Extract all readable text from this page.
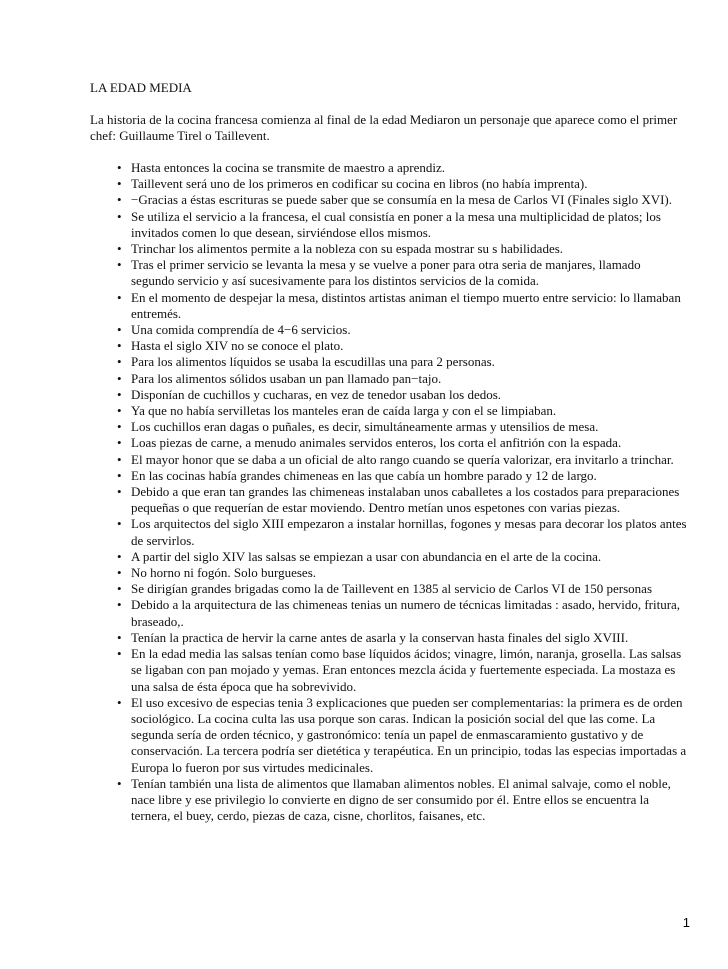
LA EDAD MEDIA

La historia de la cocina francesa comienza al final de la edad Mediaron un personaje que aparece como el primer chef: Guillaume Tirel o Taillevent.

• Hasta entonces la cocina se transmite de maestro a aprendiz.
• Taillevent será uno de los primeros en codificar su cocina en libros (no había imprenta).
• −Gracias a éstas escrituras se puede saber que se consumía en la mesa de Carlos VI (Finales siglo XVI).
• Se utiliza el servicio a la francesa, el cual consistía en poner a la mesa una multiplicidad de platos; los invitados comen lo que desean, sirviéndose ellos mismos.
• Trinchar los alimentos permite a la nobleza con su espada mostrar su s habilidades.
• Tras el primer servicio se levanta la mesa y se vuelve a poner para otra seria de manjares, llamado segundo servicio y así sucesivamente para los distintos servicios de la comida.
• En el momento de despejar la mesa, distintos artistas animan el tiempo muerto entre servicio: lo llamaban entremés.
• Una comida comprendía de 4−6 servicios.
• Hasta el siglo XIV no se conoce el plato.
• Para los alimentos líquidos se usaba la escudillas una para 2 personas.
• Para los alimentos sólidos usaban un pan llamado pan−tajo.
• Disponían de cuchillos y cucharas, en vez de tenedor usaban los dedos.
• Ya que no había servilletas los manteles eran de caída larga y con el se limpiaban.
• Los cuchillos eran dagas o puñales, es decir, simultáneamente armas y utensilios de mesa.
• Loas piezas de carne, a menudo animales servidos enteros, los corta el anfitrión con la espada.
• El mayor honor que se daba a un oficial de alto rango cuando se quería valorizar, era invitarlo a trinchar.
• En las cocinas había grandes chimeneas en las que cabía un hombre parado y 12 de largo.
• Debido a que eran tan grandes las chimeneas instalaban unos caballetes a los costados para preparaciones pequeñas o que requerían de estar moviendo. Dentro metían unos espetones con varias piezas.
• Los arquitectos del siglo XIII empezaron a instalar hornillas, fogones y mesas para decorar los platos antes de servirlos.
• A partir del siglo XIV las salsas se empiezan a usar con abundancia en el arte de la cocina.
• No horno ni fogón. Solo burgueses.
• Se dirigían grandes brigadas como la de Taillevent en 1385 al servicio de Carlos VI de 150 personas
• Debido a la arquitectura de las chimeneas tenias un numero de técnicas limitadas : asado, hervido, fritura, braseado,.
• Tenían la practica de hervir la carne antes de asarla y la conservan hasta finales del siglo XVIII.
• En la edad media las salsas tenían como base líquidos ácidos; vinagre, limón, naranja, grosella. Las salsas se ligaban con pan mojado y yemas. Eran entonces mezcla ácida y fuertemente especiada. La mostaza es una salsa de ésta época que ha sobrevivido.
• El uso excesivo de especias tenia 3 explicaciones que pueden ser complementarias: la primera es de orden sociológico. La cocina culta las usa porque son caras. Indican la posición social del que las come. La segunda sería de orden técnico, y gastronómico: tenía un papel de enmascaramiento gustativo y de conservación. La tercera podría ser dietética y terapéutica. En un principio, todas las especias importadas a Europa lo fueron por sus virtudes medicinales.
• Tenían también una lista de alimentos que llamaban alimentos nobles. El animal salvaje, como el noble, nace libre y ese privilegio lo convierte en digno de ser consumido por él. Entre ellos se encuentra la ternera, el buey, cerdo, piezas de caza, cisne, chorlitos, faisanes, etc.
1
